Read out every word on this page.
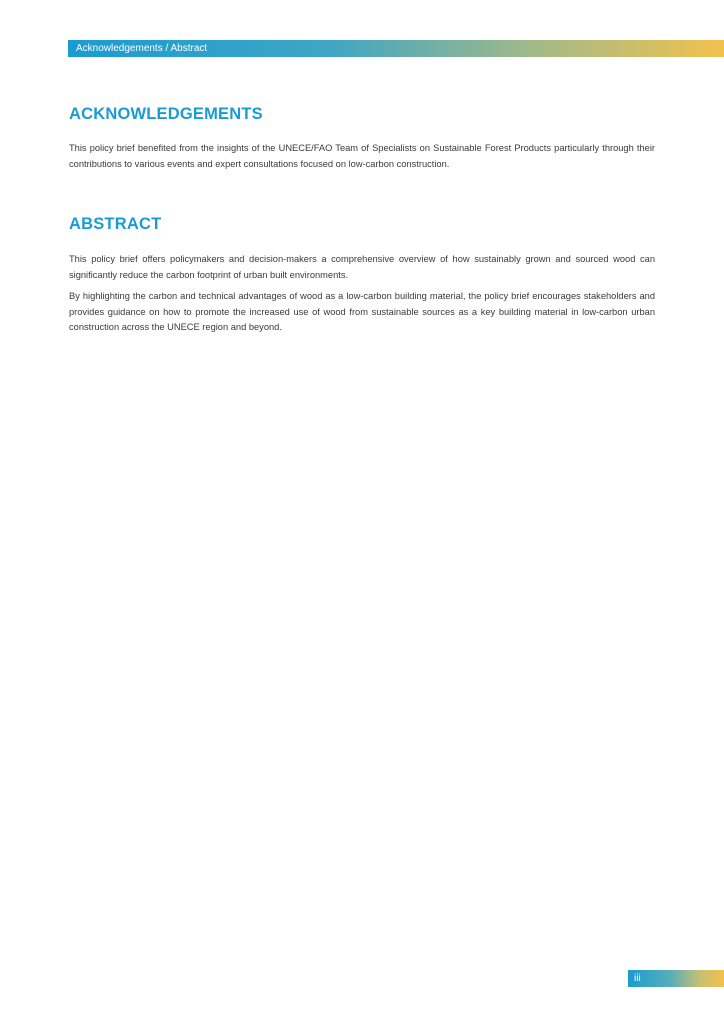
Acknowledgements / Abstract
ACKNOWLEDGEMENTS

This policy brief benefited from the insights of the UNECE/FAO Team of Specialists on Sustainable Forest Products particularly through their contributions to various events and expert consultations focused on low-carbon construction.

ABSTRACT

This policy brief offers policymakers and decision-makers a comprehensive overview of how sustainably grown and sourced wood can significantly reduce the carbon footprint of urban built environments.

By highlighting the carbon and technical advantages of wood as a low-carbon building material, the policy brief encourages stakeholders and provides guidance on how to promote the increased use of wood from sustainable sources as a key building material in low-carbon urban construction across the UNECE region and beyond.

iii
